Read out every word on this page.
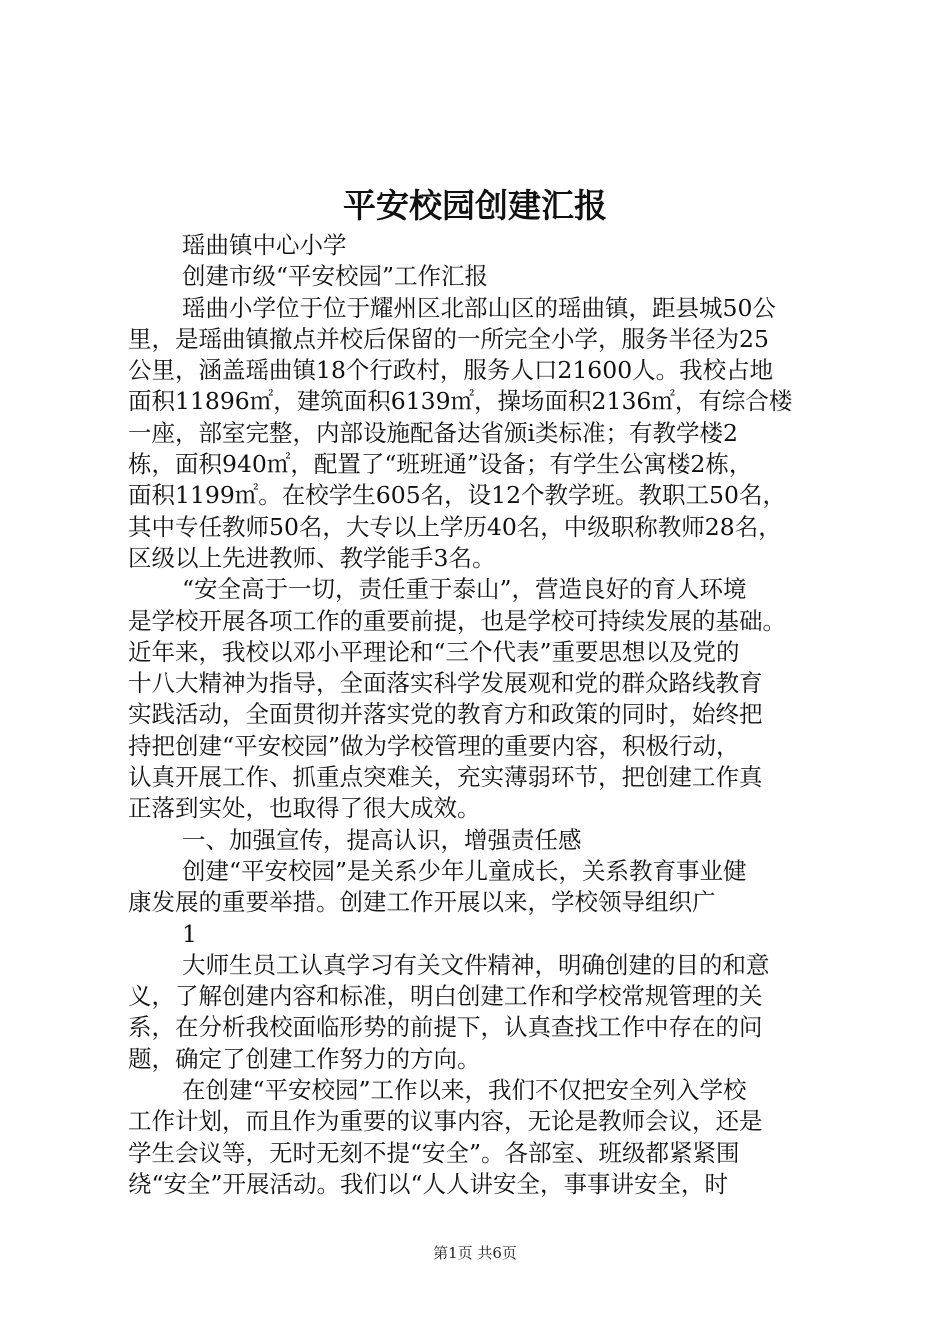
平安校园创建汇报
瑶曲镇中心小学
创建市级“平安校园”工作汇报
瑶曲小学位于位于耀州区北部山区的瑶曲镇，距县城50公
里，是瑶曲镇撤点并校后保留的一所完全小学，服务半径为25
公里，涵盖瑶曲镇18个行政村，服务人口21600人。我校占地
面积11896㎡，建筑面积6139㎡，操场面积2136㎡，有综合楼
一座，部室完整，内部设施配备达省颁ⅰ类标准；有教学楼2
栋，面积940㎡，配置了“班班通”设备；有学生公寓楼2栋，
面积1199㎡。在校学生605名，设12个教学班。教职工50名，
其中专任教师50名，大专以上学历40名，中级职称教师28名，
区级以上先进教师、教学能手3名。
“安全高于一切，责任重于泰山”，营造良好的育人环境
是学校开展各项工作的重要前提，也是学校可持续发展的基础。
近年来，我校以邓小平理论和“三个代表”重要思想以及党的
十八大精神为指导，全面落实科学发展观和党的群众路线教育
实践活动，全面贯彻并落实党的教育方和政策的同时，始终把
持把创建“平安校园”做为学校管理的重要内容，积极行动，
认真开展工作、抓重点突难关，充实薄弱环节，把创建工作真
正落到实处，也取得了很大成效。
一、加强宣传，提高认识，增强责任感
创建“平安校园”是关系少年儿童成长，关系教育事业健
康发展的重要举措。创建工作开展以来，学校领导组织广
1
大师生员工认真学习有关文件精神，明确创建的目的和意
义，了解创建内容和标准，明白创建工作和学校常规管理的关
系，在分析我校面临形势的前提下，认真查找工作中存在的问
题，确定了创建工作努力的方向。
在创建“平安校园”工作以来，我们不仅把安全列入学校
工作计划，而且作为重要的议事内容，无论是教师会议，还是
学生会议等，无时无刻不提“安全”。各部室、班级都紧紧围
绕“安全”开展活动。我们以“人人讲安全，事事讲安全，时
第1页 共6页
